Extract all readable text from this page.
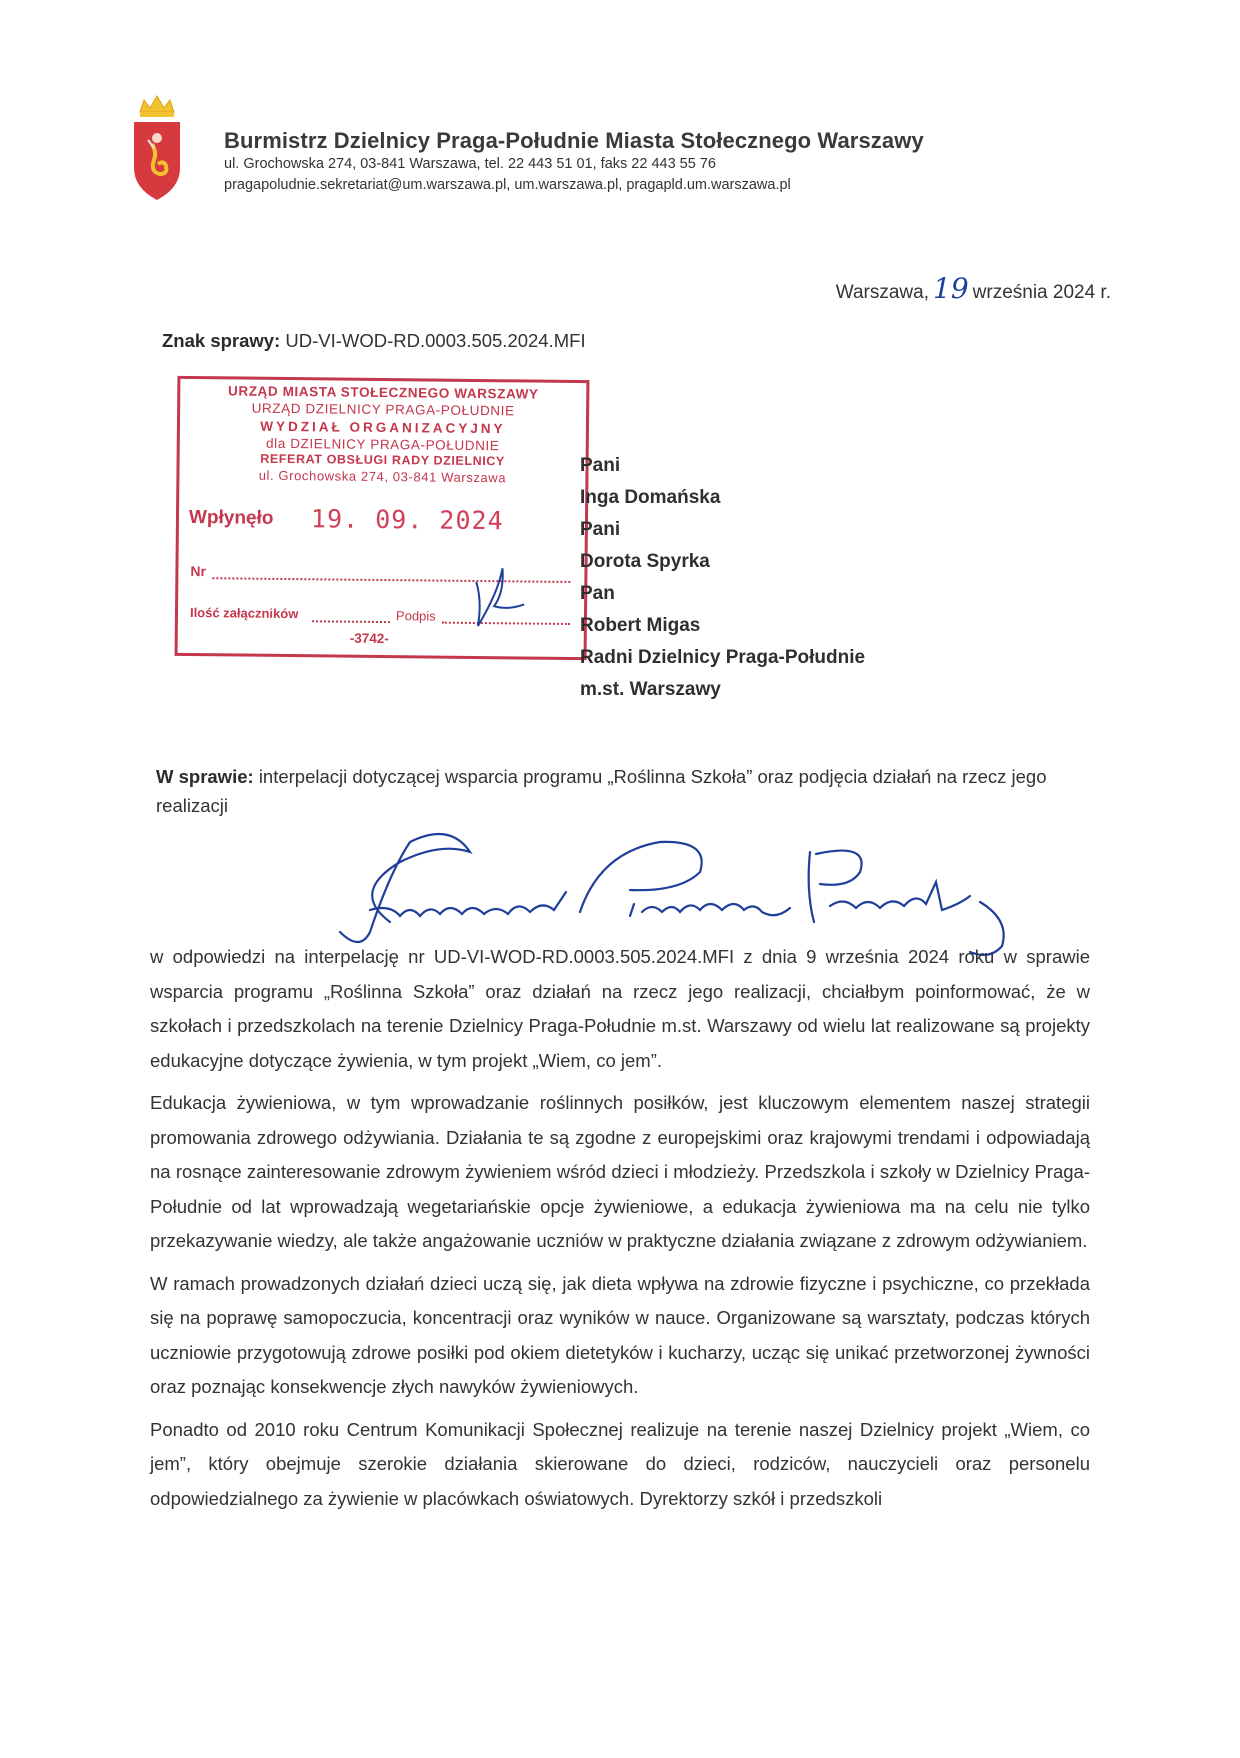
Burmistrz Dzielnicy Praga-Południe Miasta Stołecznego Warszawy
ul. Grochowska 274, 03-841 Warszawa, tel. 22 443 51 01, faks 22 443 55 76
pragapoludnie.sekretariat@um.warszawa.pl, um.warszawa.pl, pragapld.um.warszawa.pl
Warszawa, 19 września 2024 r.
Znak sprawy: UD-VI-WOD-RD.0003.505.2024.MFI
URZĄD MIASTA STOŁECZNEGO WARSZAWY
URZĄD DZIELNICY PRAGA-POŁUDNIE
WYDZIAŁ ORGANIZACYJNY
dla DZIELNICY PRAGA-POŁUDNIE
REFERAT OBSŁUGI RADY DZIELNICY
ul. Grochowska 274, 03-841 Warszawa
Wpłynęło 19. 09. 2024
Nr
Ilość załączników	Podpis
-3742-
Pani
Inga Domańska
Pani
Dorota Spyrka
Pan
Robert Migas
Radni Dzielnicy Praga-Południe
m.st. Warszawy
W sprawie: interpelacji dotyczącej wsparcia programu „Roślinna Szkoła” oraz podjęcia działań na rzecz jego realizacji

w odpowiedzi na interpelację nr UD-VI-WOD-RD.0003.505.2024.MFI z dnia 9 września 2024 roku w sprawie wsparcia programu „Roślinna Szkoła” oraz działań na rzecz jego realizacji, chciałbym poinformować, że w szkołach i przedszkolach na terenie Dzielnicy Praga-Południe m.st. Warszawy od wielu lat realizowane są projekty edukacyjne dotyczące żywienia, w tym projekt „Wiem, co jem”.

Edukacja żywieniowa, w tym wprowadzanie roślinnych posiłków, jest kluczowym elementem naszej strategii promowania zdrowego odżywiania. Działania te są zgodne z europejskimi oraz krajowymi trendami i odpowiadają na rosnące zainteresowanie zdrowym żywieniem wśród dzieci i młodzieży. Przedszkola i szkoły w Dzielnicy Praga-Południe od lat wprowadzają wegetariańskie opcje żywieniowe, a edukacja żywieniowa ma na celu nie tylko przekazywanie wiedzy, ale także angażowanie uczniów w praktyczne działania związane z zdrowym odżywianiem.

W ramach prowadzonych działań dzieci uczą się, jak dieta wpływa na zdrowie fizyczne i psychiczne, co przekłada się na poprawę samopoczucia, koncentracji oraz wyników w nauce. Organizowane są warsztaty, podczas których uczniowie przygotowują zdrowe posiłki pod okiem dietetyków i kucharzy, ucząc się unikać przetworzonej żywności oraz poznając konsekwencje złych nawyków żywieniowych.

Ponadto od 2010 roku Centrum Komunikacji Społecznej realizuje na terenie naszej Dzielnicy projekt „Wiem, co jem”, który obejmuje szerokie działania skierowane do dzieci, rodziców, nauczycieli oraz personelu odpowiedzialnego za żywienie w placówkach oświatowych. Dyrektorzy szkół i przedszkoli
